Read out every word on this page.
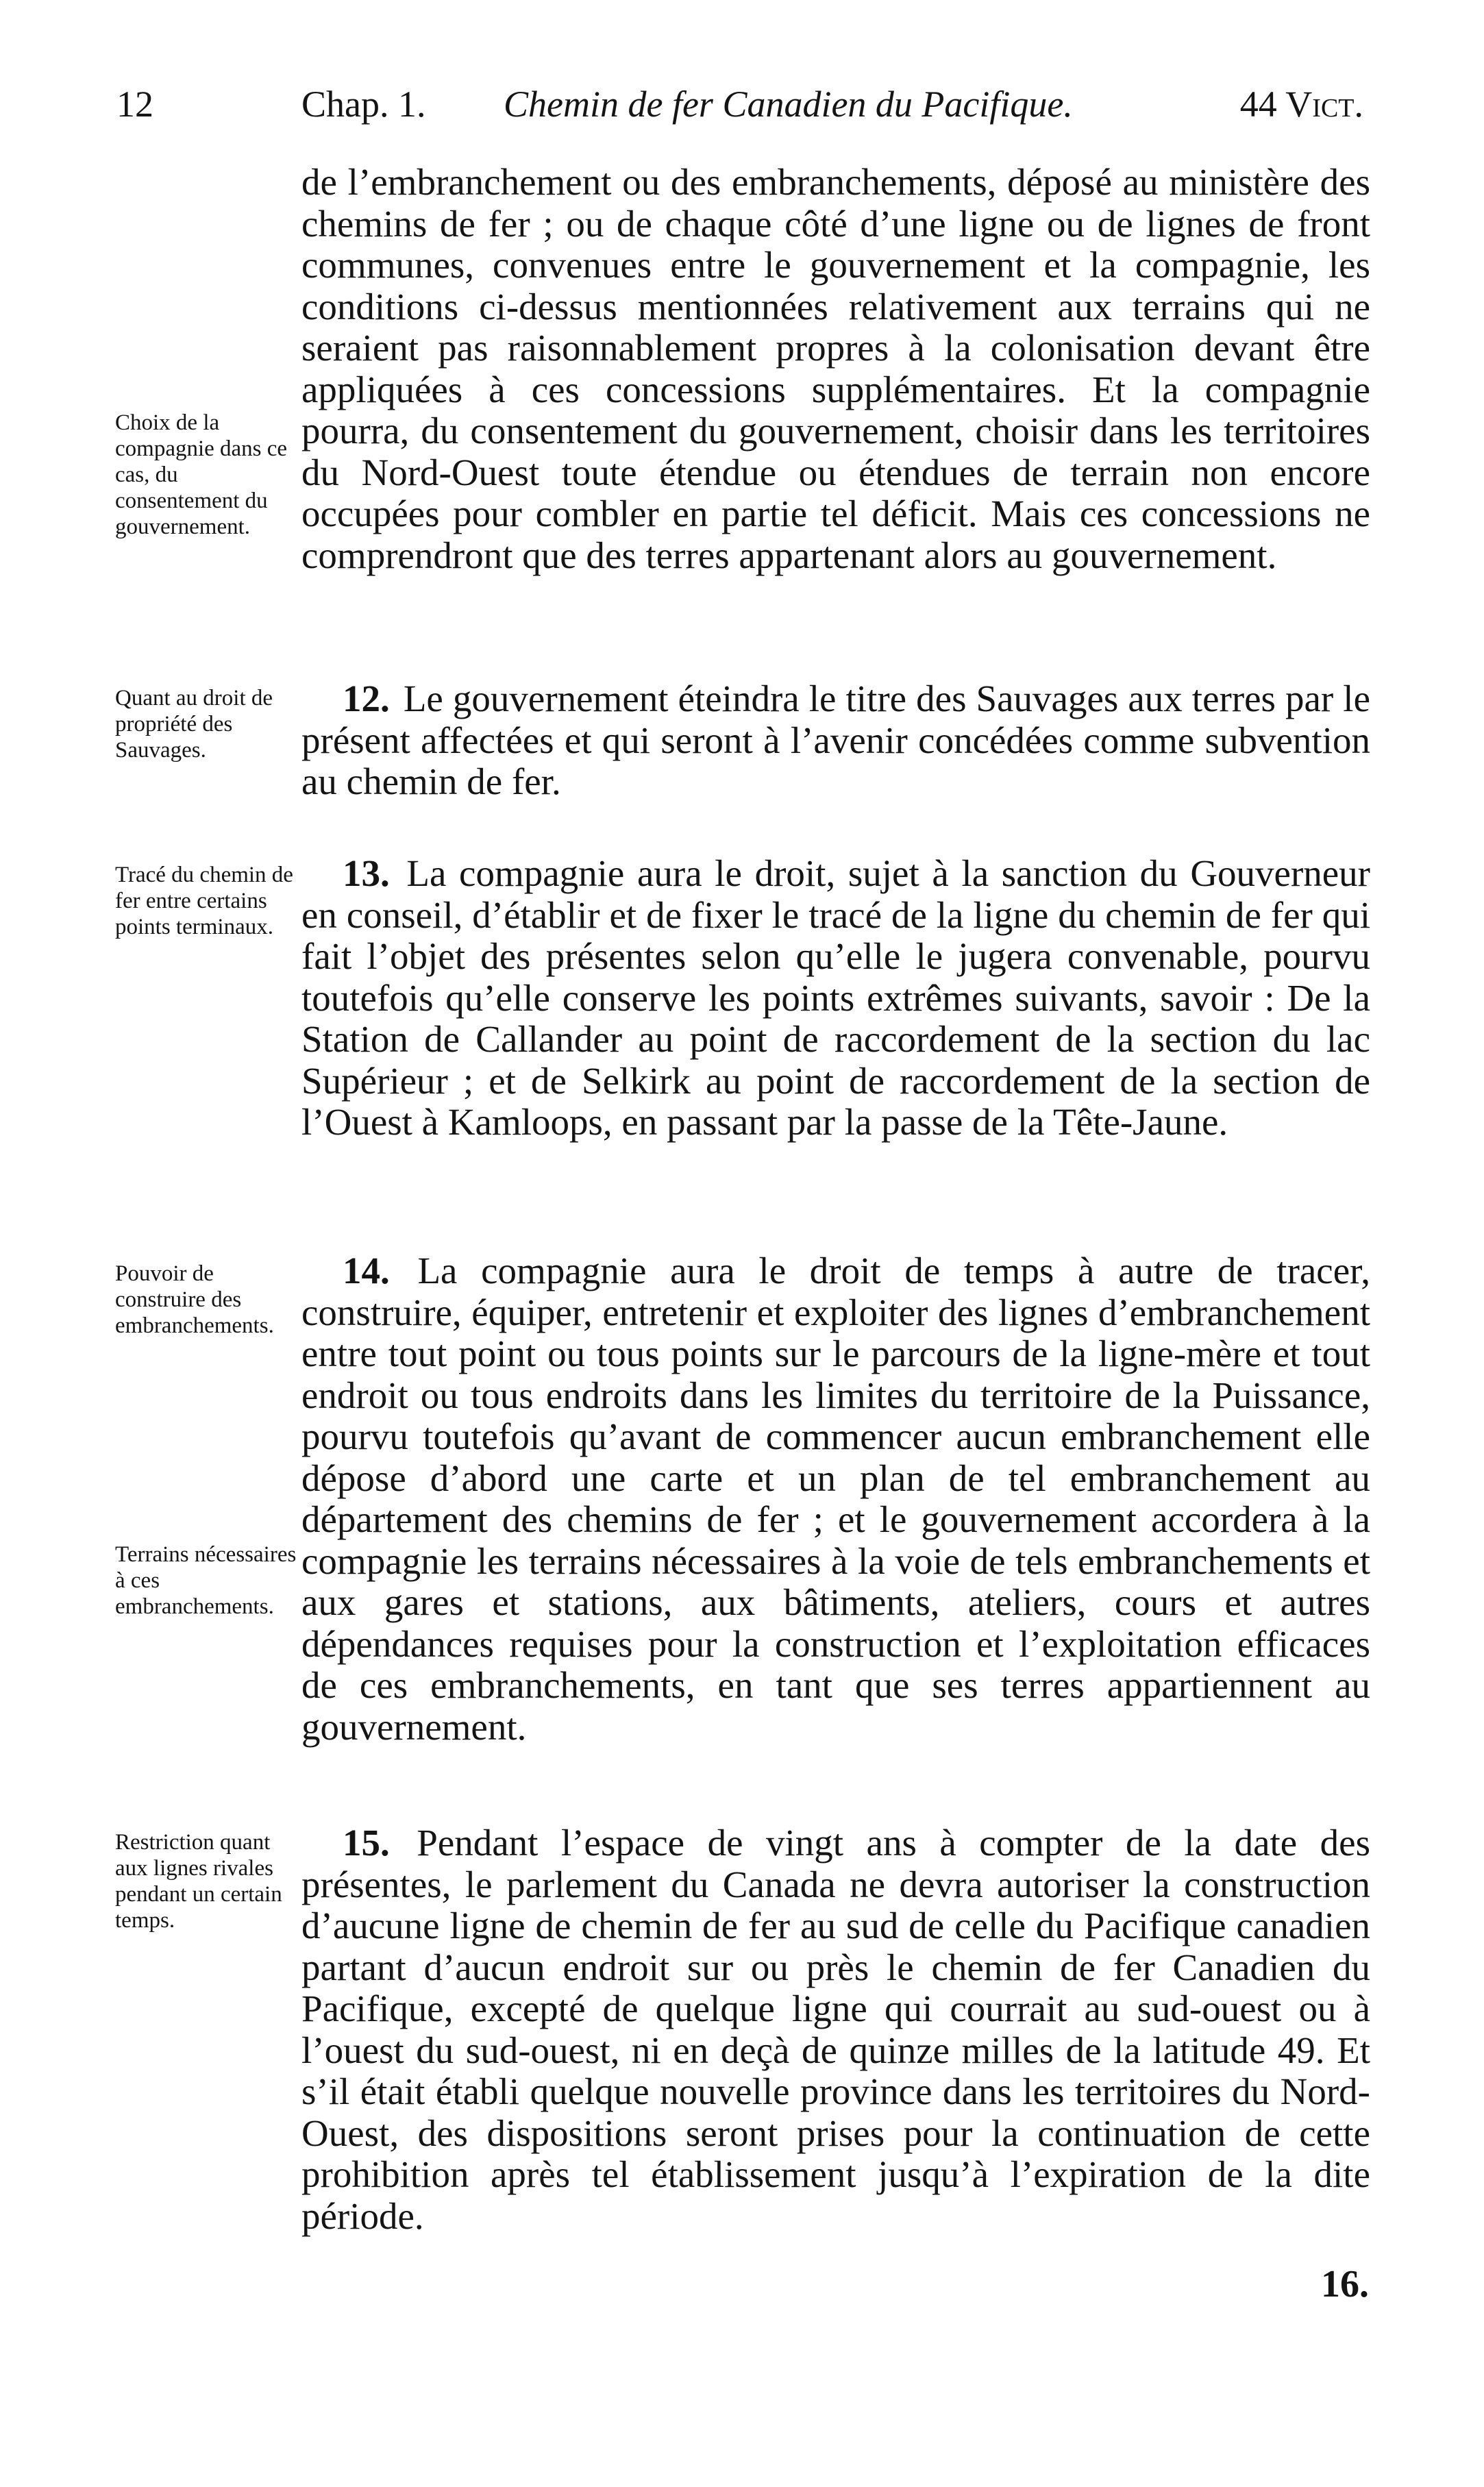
12	Chap. 1. Chemin de fer Canadien du Pacifique.	44 Vict.

de l’embranchement ou des embranchements, déposé au ministère des chemins de fer ; ou de chaque côté d’une ligne ou de lignes de front communes, convenues entre le gouvernement et la compagnie, les conditions ci-dessus mentionnées relativement aux terrains qui ne seraient pas raisonnablement propres à la colonisation devant être appliquées à ces concessions supplémentaires. Et la compagnie pourra, du consentement du gouvernement, choisir dans les territoires du Nord-Ouest toute étendue ou étendues de terrain non encore occupées pour combler en partie tel déficit. Mais ces concessions ne comprendront que des terres appartenant alors au gouvernement.

Choix de la compagnie dans ce cas, du consentement du gouvernement.

Quant au droit de propriété des Sauvages.

12. Le gouvernement éteindra le titre des Sauvages aux terres par le présent affectées et qui seront à l’avenir concédées comme subvention au chemin de fer.

Tracé du chemin de fer entre certains points terminaux.

13. La compagnie aura le droit, sujet à la sanction du Gouverneur en conseil, d’établir et de fixer le tracé de la ligne du chemin de fer qui fait l’objet des présentes selon qu’elle le jugera convenable, pourvu toutefois qu’elle conserve les points extrêmes suivants, savoir : De la Station de Callander au point de raccordement de la section du lac Supérieur ; et de Selkirk au point de raccordement de la section de l’Ouest à Kamloops, en passant par la passe de la Tête-Jaune.

Pouvoir de construire des embranchements.

Terrains nécessaires à ces embranchements.

14. La compagnie aura le droit de temps à autre de tracer, construire, équiper, entretenir et exploiter des lignes d’embranchement entre tout point ou tous points sur le parcours de la ligne-mère et tout endroit ou tous endroits dans les limites du territoire de la Puissance, pourvu toutefois qu’avant de commencer aucun embranchement elle dépose d’abord une carte et un plan de tel embranchement au département des chemins de fer ; et le gouvernement accordera à la compagnie les terrains nécessaires à la voie de tels embranchements et aux gares et stations, aux bâtiments, ateliers, cours et autres dépendances requises pour la construction et l’exploitation efficaces de ces embranchements, en tant que ses terres appartiennent au gouvernement.

Restriction quant aux lignes rivales pendant un certain temps.

15. Pendant l’espace de vingt ans à compter de la date des présentes, le parlement du Canada ne devra autoriser la construction d’aucune ligne de chemin de fer au sud de celle du Pacifique canadien partant d’aucun endroit sur ou près le chemin de fer Canadien du Pacifique, excepté de quelque ligne qui courrait au sud-ouest ou à l’ouest du sud-ouest, ni en deçà de quinze milles de la latitude 49. Et s’il était établi quelque nouvelle province dans les territoires du Nord-Ouest, des dispositions seront prises pour la continuation de cette prohibition après tel établissement jusqu’à l’expiration de la dite période.

16.
